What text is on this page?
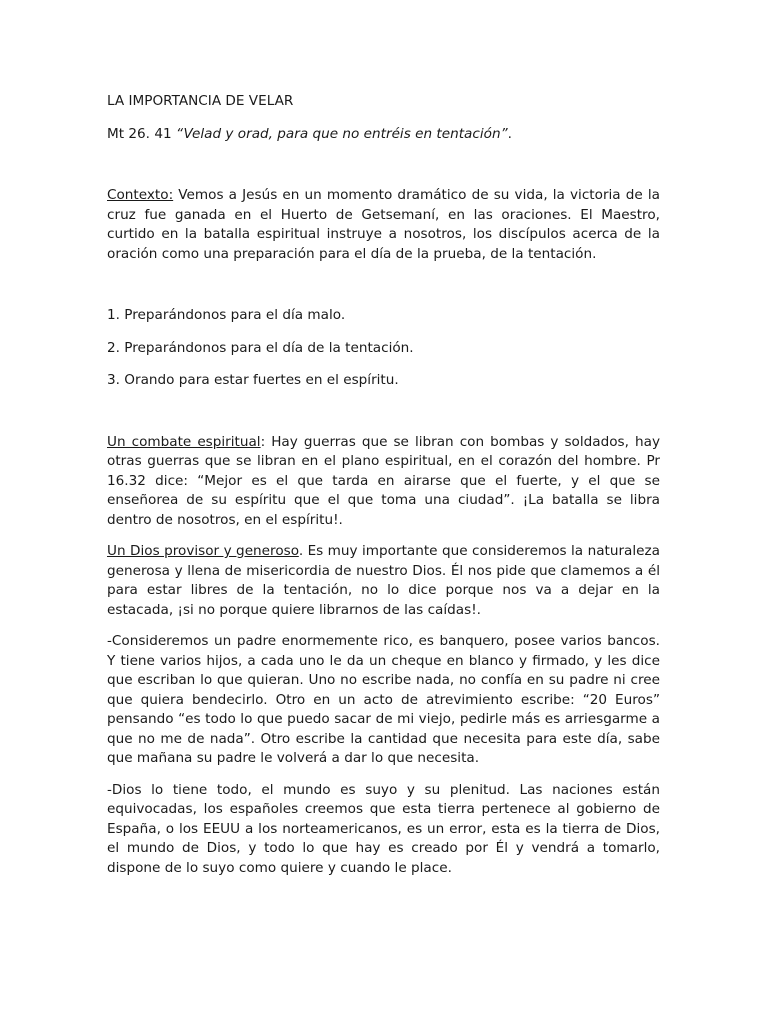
LA IMPORTANCIA DE VELAR

Mt 26. 41 “Velad y orad, para que no entréis en tentación”.

Contexto: Vemos a Jesús en un momento dramático de su vida, la victoria de la cruz fue ganada en el Huerto de Getsemaní, en las oraciones. El Maestro, curtido en la batalla espiritual instruye a nosotros, los discípulos acerca de la oración como una preparación para el día de la prueba, de la tentación.

1. Preparándonos para el día malo.

2. Preparándonos para el día de la tentación.

3. Orando para estar fuertes en el espíritu.

Un combate espiritual: Hay guerras que se libran con bombas y soldados, hay otras guerras que se libran en el plano espiritual, en el corazón del hombre. Pr 16.32 dice: “Mejor es el que tarda en airarse que el fuerte, y el que se enseñorea de su espíritu que el que toma una ciudad”. ¡La batalla se libra dentro de nosotros, en el espíritu!.

Un Dios provisor y generoso. Es muy importante que consideremos la naturaleza generosa y llena de misericordia de nuestro Dios. Él nos pide que clamemos a él para estar libres de la tentación, no lo dice porque nos va a dejar en la estacada, ¡si no porque quiere librarnos de las caídas!.

-Consideremos un padre enormemente rico, es banquero, posee varios bancos. Y tiene varios hijos, a cada uno le da un cheque en blanco y firmado, y les dice que escriban lo que quieran. Uno no escribe nada, no confía en su padre ni cree que quiera bendecirlo. Otro en un acto de atrevimiento escribe: “20 Euros” pensando “es todo lo que puedo sacar de mi viejo, pedirle más es arriesgarme a que no me de nada”. Otro escribe la cantidad que necesita para este día, sabe que mañana su padre le volverá a dar lo que necesita.

-Dios lo tiene todo, el mundo es suyo y su plenitud. Las naciones están equivocadas, los españoles creemos que esta tierra pertenece al gobierno de España, o los EEUU a los norteamericanos, es un error, esta es la tierra de Dios, el mundo de Dios, y todo lo que hay es creado por Él y vendrá a tomarlo, dispone de lo suyo como quiere y cuando le place.
